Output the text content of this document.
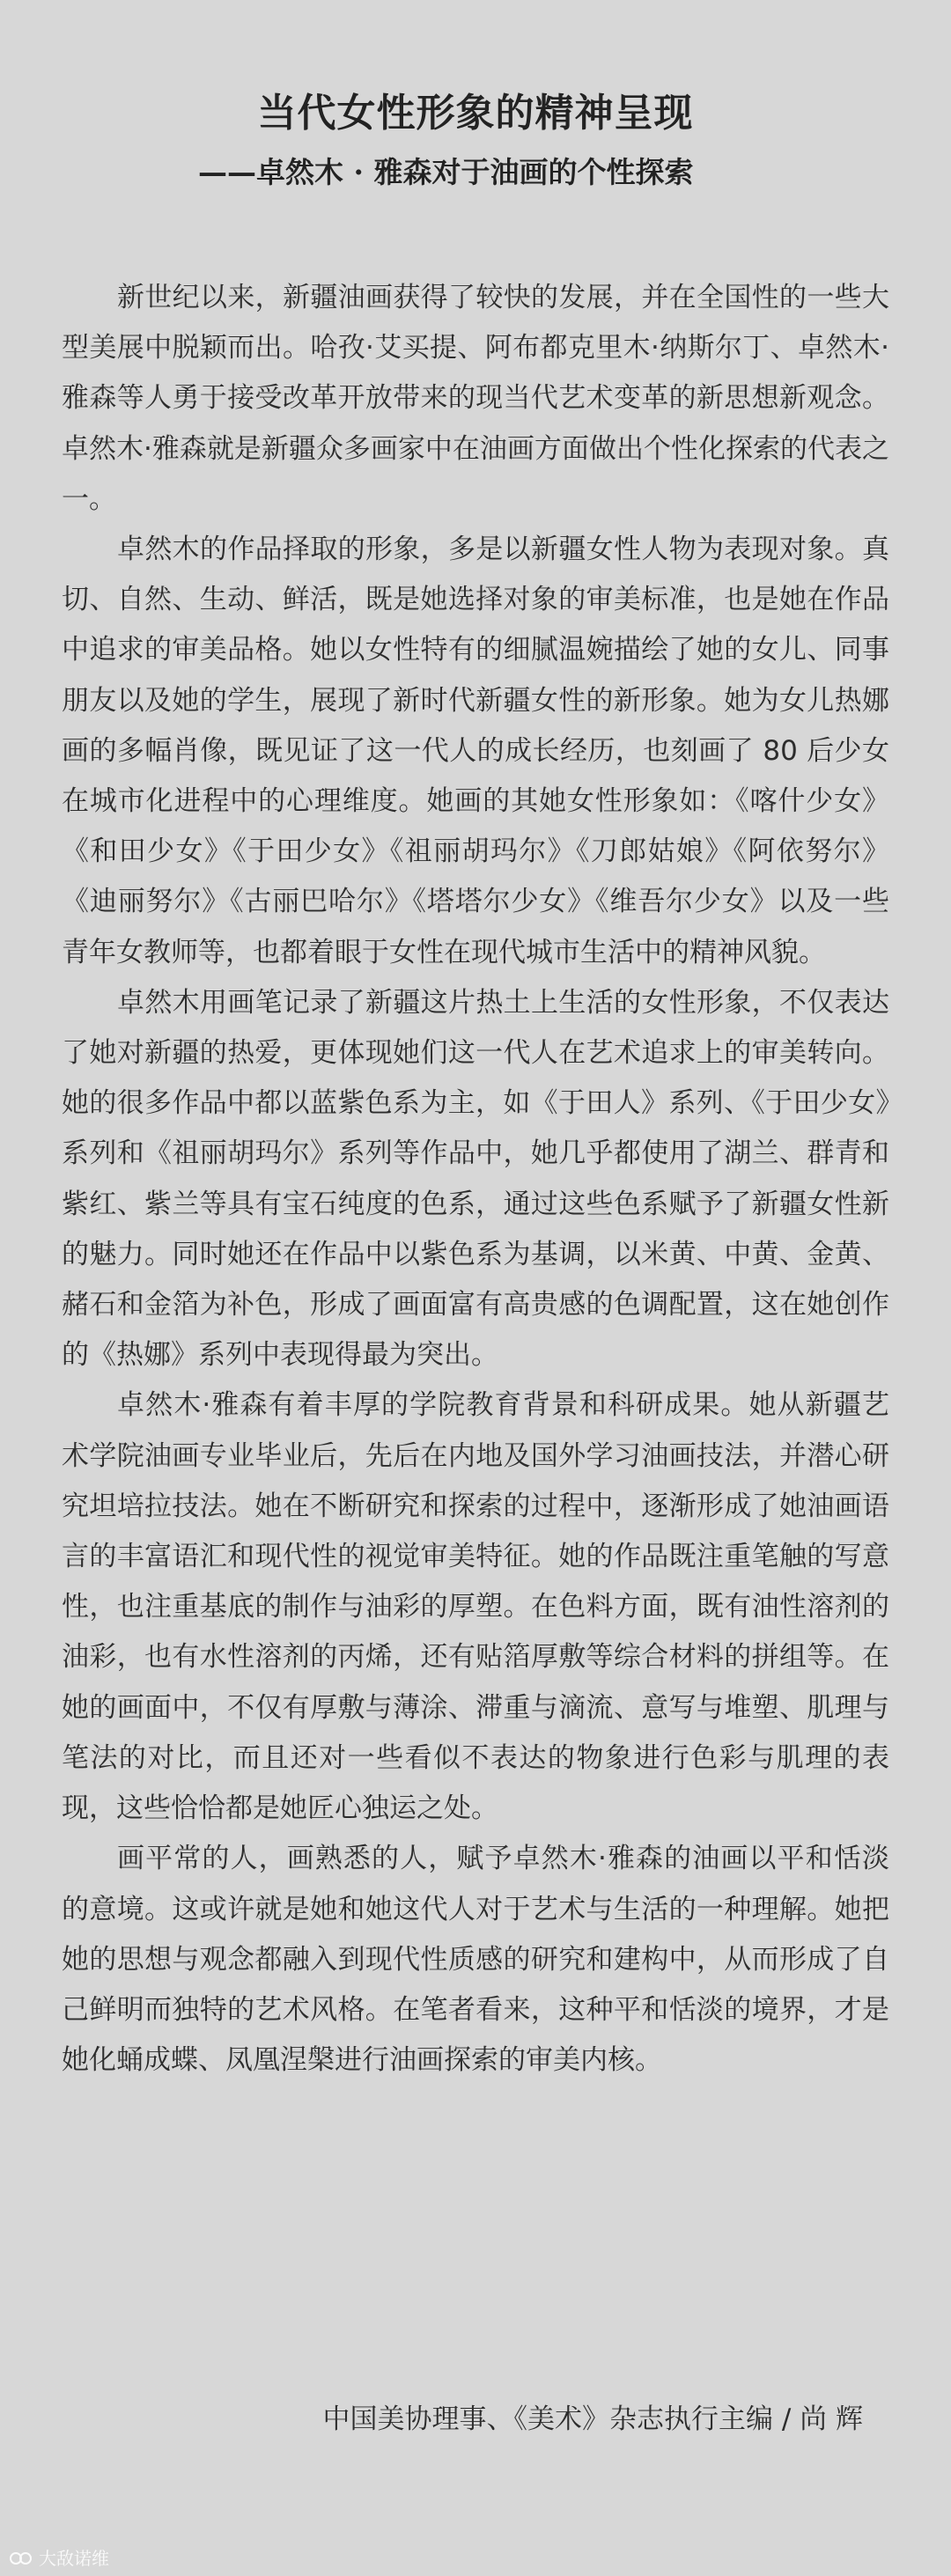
当代女性形象的精神呈现
——卓然木 · 雅森对于油画的个性探索

新世纪以来，新疆油画获得了较快的发展，并在全国性的一些大型美展中脱颖而出。哈孜·艾买提、阿布都克里木·纳斯尔丁、卓然木·雅森等人勇于接受改革开放带来的现当代艺术变革的新思想新观念。卓然木·雅森就是新疆众多画家中在油画方面做出个性化探索的代表之一。

卓然木的作品择取的形象，多是以新疆女性人物为表现对象。真切、自然、生动、鲜活，既是她选择对象的审美标准，也是她在作品中追求的审美品格。她以女性特有的细腻温婉描绘了她的女儿、同事朋友以及她的学生，展现了新时代新疆女性的新形象。她为女儿热娜画的多幅肖像，既见证了这一代人的成长经历，也刻画了 80 后少女在城市化进程中的心理维度。她画的其她女性形象如：《喀什少女》《和田少女》《于田少女》《祖丽胡玛尔》《刀郎姑娘》《阿依努尔》《迪丽努尔》《古丽巴哈尔》《塔塔尔少女》《维吾尔少女》以及一些青年女教师等，也都着眼于女性在现代城市生活中的精神风貌。

卓然木用画笔记录了新疆这片热土上生活的女性形象，不仅表达了她对新疆的热爱，更体现她们这一代人在艺术追求上的审美转向。她的很多作品中都以蓝紫色系为主，如《于田人》系列、《于田少女》系列和《祖丽胡玛尔》系列等作品中，她几乎都使用了湖兰、群青和紫红、紫兰等具有宝石纯度的色系，通过这些色系赋予了新疆女性新的魅力。同时她还在作品中以紫色系为基调，以米黄、中黄、金黄、赭石和金箔为补色，形成了画面富有高贵感的色调配置，这在她创作的《热娜》系列中表现得最为突出。

卓然木·雅森有着丰厚的学院教育背景和科研成果。她从新疆艺术学院油画专业毕业后，先后在内地及国外学习油画技法，并潜心研究坦培拉技法。她在不断研究和探索的过程中，逐渐形成了她油画语言的丰富语汇和现代性的视觉审美特征。她的作品既注重笔触的写意性，也注重基底的制作与油彩的厚塑。在色料方面，既有油性溶剂的油彩，也有水性溶剂的丙烯，还有贴箔厚敷等综合材料的拼组等。在她的画面中，不仅有厚敷与薄涂、滞重与滴流、意写与堆塑、肌理与笔法的对比，而且还对一些看似不表达的物象进行色彩与肌理的表现，这些恰恰都是她匠心独运之处。

画平常的人，画熟悉的人，赋予卓然木·雅森的油画以平和恬淡的意境。这或许就是她和她这代人对于艺术与生活的一种理解。她把她的思想与观念都融入到现代性质感的研究和建构中，从而形成了自己鲜明而独特的艺术风格。在笔者看来，这种平和恬淡的境界，才是她化蛹成蝶、凤凰涅槃进行油画探索的审美内核。

中国美协理事、《美术》杂志执行主编 / 尚 辉

大敌诺维
